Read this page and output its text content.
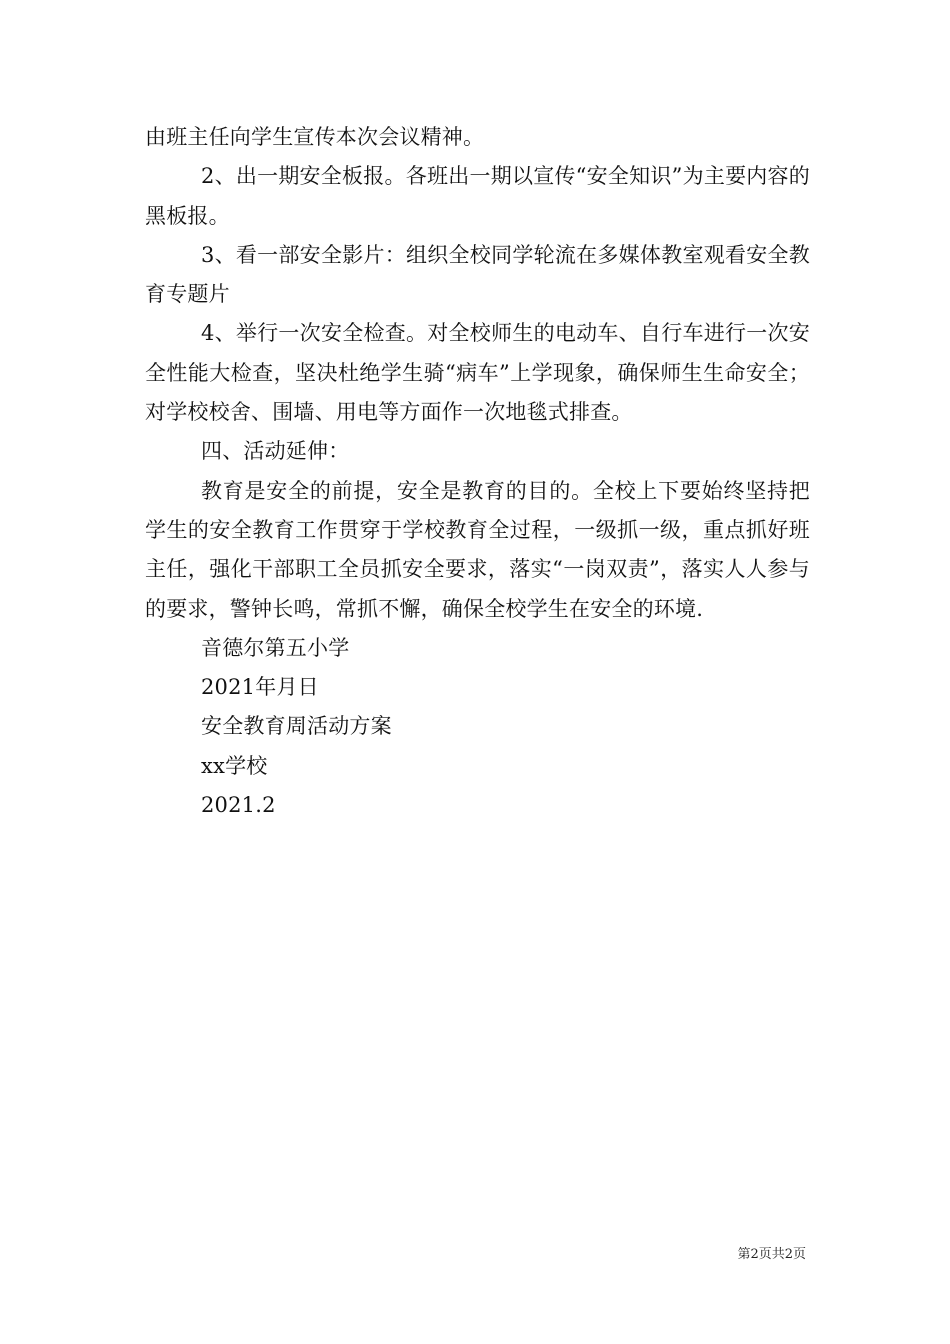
由班主任向学生宣传本次会议精神。

2、出一期安全板报。各班出一期以宣传“安全知识”为主要内容的黑板报。

3、看一部安全影片：组织全校同学轮流在多媒体教室观看安全教育专题片

4、举行一次安全检查。对全校师生的电动车、自行车进行一次安全性能大检查，坚决杜绝学生骑“病车”上学现象，确保师生生命安全；对学校校舍、围墙、用电等方面作一次地毯式排查。

四、活动延伸：

教育是安全的前提，安全是教育的目的。全校上下要始终坚持把学生的安全教育工作贯穿于学校教育全过程，一级抓一级，重点抓好班主任，强化干部职工全员抓安全要求，落实“一岗双责”，落实人人参与的要求，警钟长鸣，常抓不懈，确保全校学生在安全的环境.

音德尔第五小学

2021年月日

安全教育周活动方案

xx学校

2021.2

第2页共2页
